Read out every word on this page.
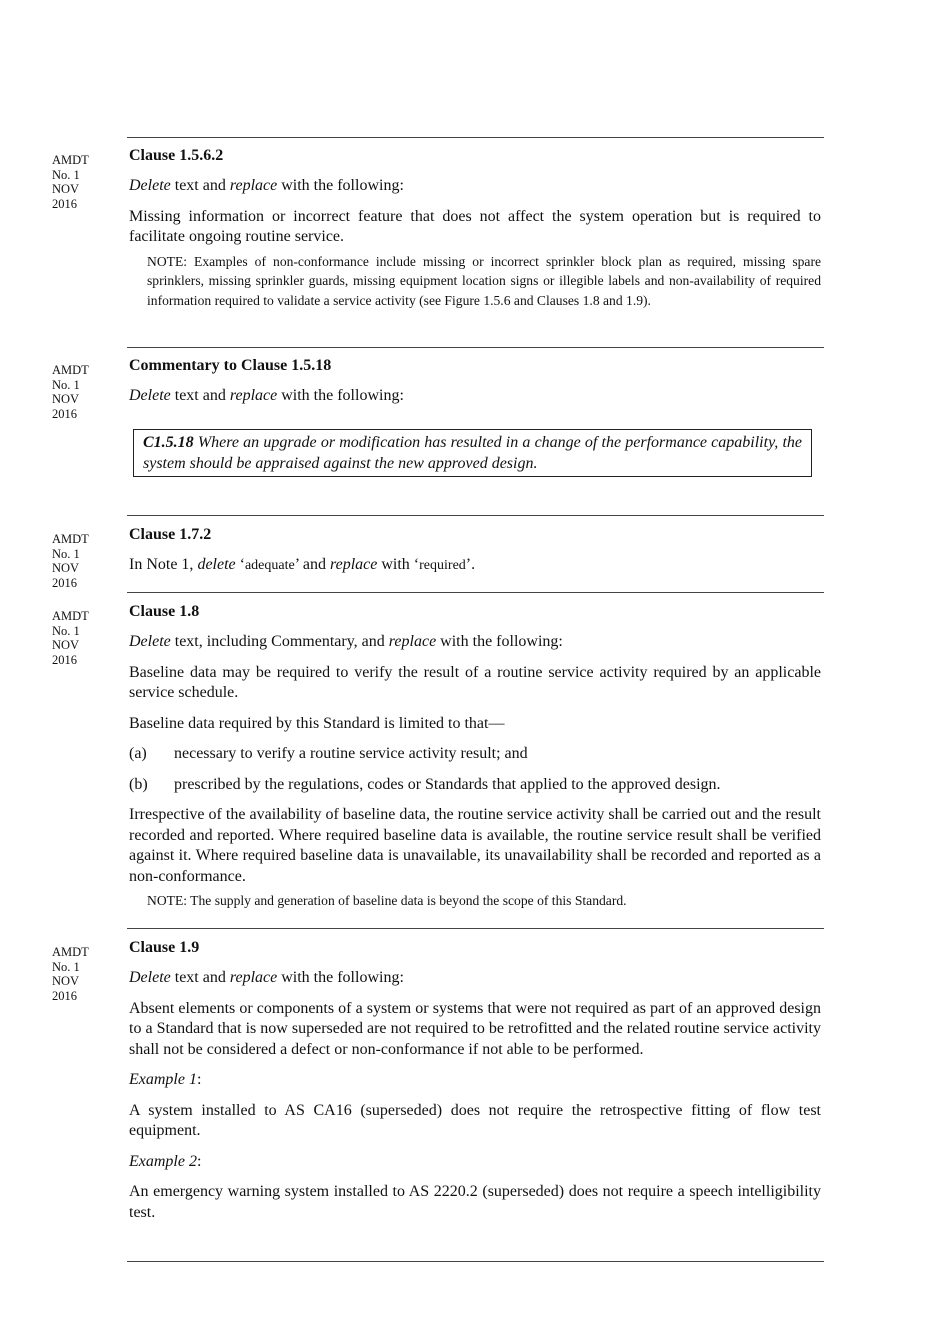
AMDT
No. 1
NOV
2016
AMDT
No. 1
NOV
2016
AMDT
No. 1
NOV
2016
AMDT
No. 1
NOV
2016
AMDT
No. 1
NOV
2016

Clause 1.5.6.2

Delete text and replace with the following:

Missing information or incorrect feature that does not affect the system operation but is required to facilitate ongoing routine service.

NOTE: Examples of non-conformance include missing or incorrect sprinkler block plan as required, missing spare sprinklers, missing sprinkler guards, missing equipment location signs or illegible labels and non-availability of required information required to validate a service activity (see Figure 1.5.6 and Clauses 1.8 and 1.9).

Commentary to Clause 1.5.18

Delete text and replace with the following:

C1.5.18 Where an upgrade or modification has resulted in a change of the performance capability, the system should be appraised against the new approved design.

Clause 1.7.2

In Note 1, delete ‘adequate’ and replace with ‘required’.

Clause 1.8

Delete text, including Commentary, and replace with the following:

Baseline data may be required to verify the result of a routine service activity required by an applicable service schedule.

Baseline data required by this Standard is limited to that—

(a)	necessary to verify a routine service activity result; and
(b)	prescribed by the regulations, codes or Standards that applied to the approved design.

Irrespective of the availability of baseline data, the routine service activity shall be carried out and the result recorded and reported. Where required baseline data is available, the routine service result shall be verified against it. Where required baseline data is unavailable, its unavailability shall be recorded and reported as a non-conformance.

NOTE: The supply and generation of baseline data is beyond the scope of this Standard.

Clause 1.9

Delete text and replace with the following:

Absent elements or components of a system or systems that were not required as part of an approved design to a Standard that is now superseded are not required to be retrofitted and the related routine service activity shall not be considered a defect or non-conformance if not able to be performed.

Example 1:

A system installed to AS CA16 (superseded) does not require the retrospective fitting of flow test equipment.

Example 2:

An emergency warning system installed to AS 2220.2 (superseded) does not require a speech intelligibility test.
